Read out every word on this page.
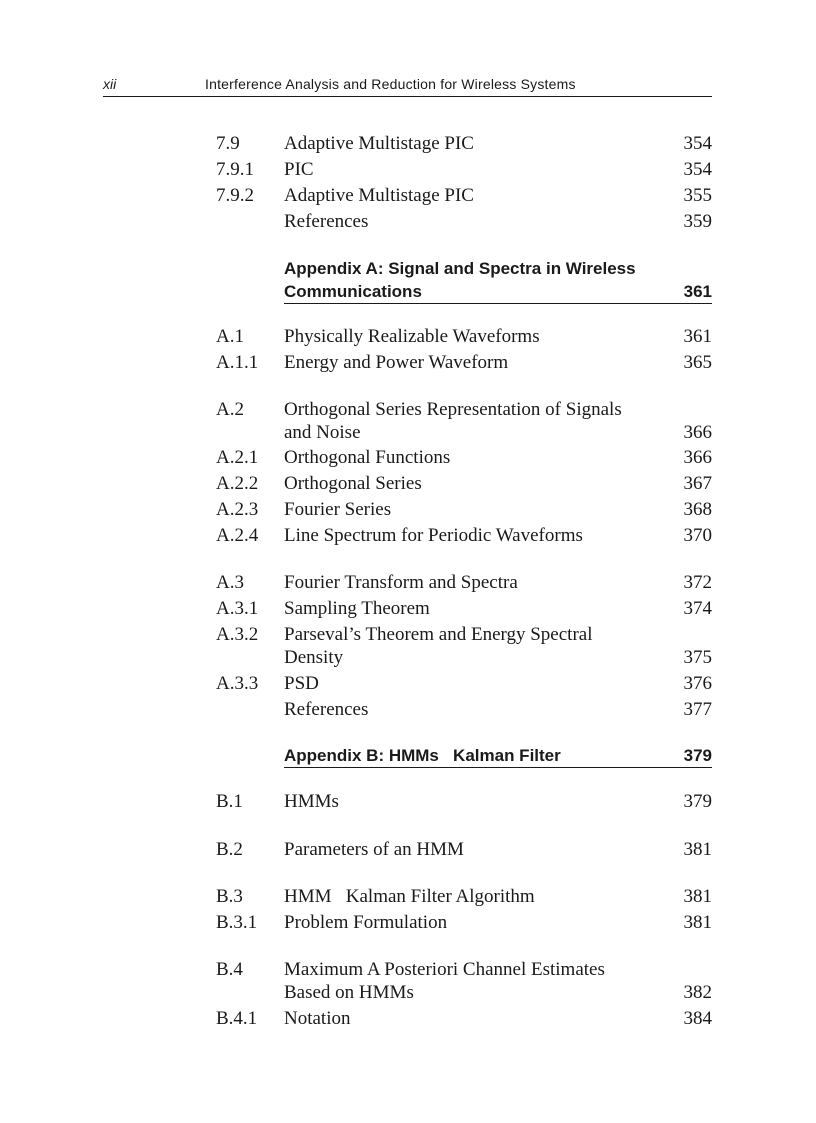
xii	Interference Analysis and Reduction for Wireless Systems
7.9 Adaptive Multistage PIC	354
7.9.1 PIC	354
7.9.2 Adaptive Multistage PIC	355
References	359
Appendix A: Signal and Spectra in Wireless
Communications	361
A.1 Physically Realizable Waveforms	361
A.1.1 Energy and Power Waveform	365
A.2 Orthogonal Series Representation of Signals
and Noise	366
A.2.1 Orthogonal Functions	366
A.2.2 Orthogonal Series	367
A.2.3 Fourier Series	368
A.2.4 Line Spectrum for Periodic Waveforms	370
A.3 Fourier Transform and Spectra	372
A.3.1 Sampling Theorem	374
A.3.2 Parseval’s Theorem and Energy Spectral
Density	375
A.3.3 PSD	376
References	377
Appendix B: HMMs   Kalman Filter	379
B.1 HMMs	379
B.2 Parameters of an HMM	381
B.3 HMM   Kalman Filter Algorithm	381
B.3.1 Problem Formulation	381
B.4 Maximum A Posteriori Channel Estimates
Based on HMMs	382
B.4.1 Notation	384
